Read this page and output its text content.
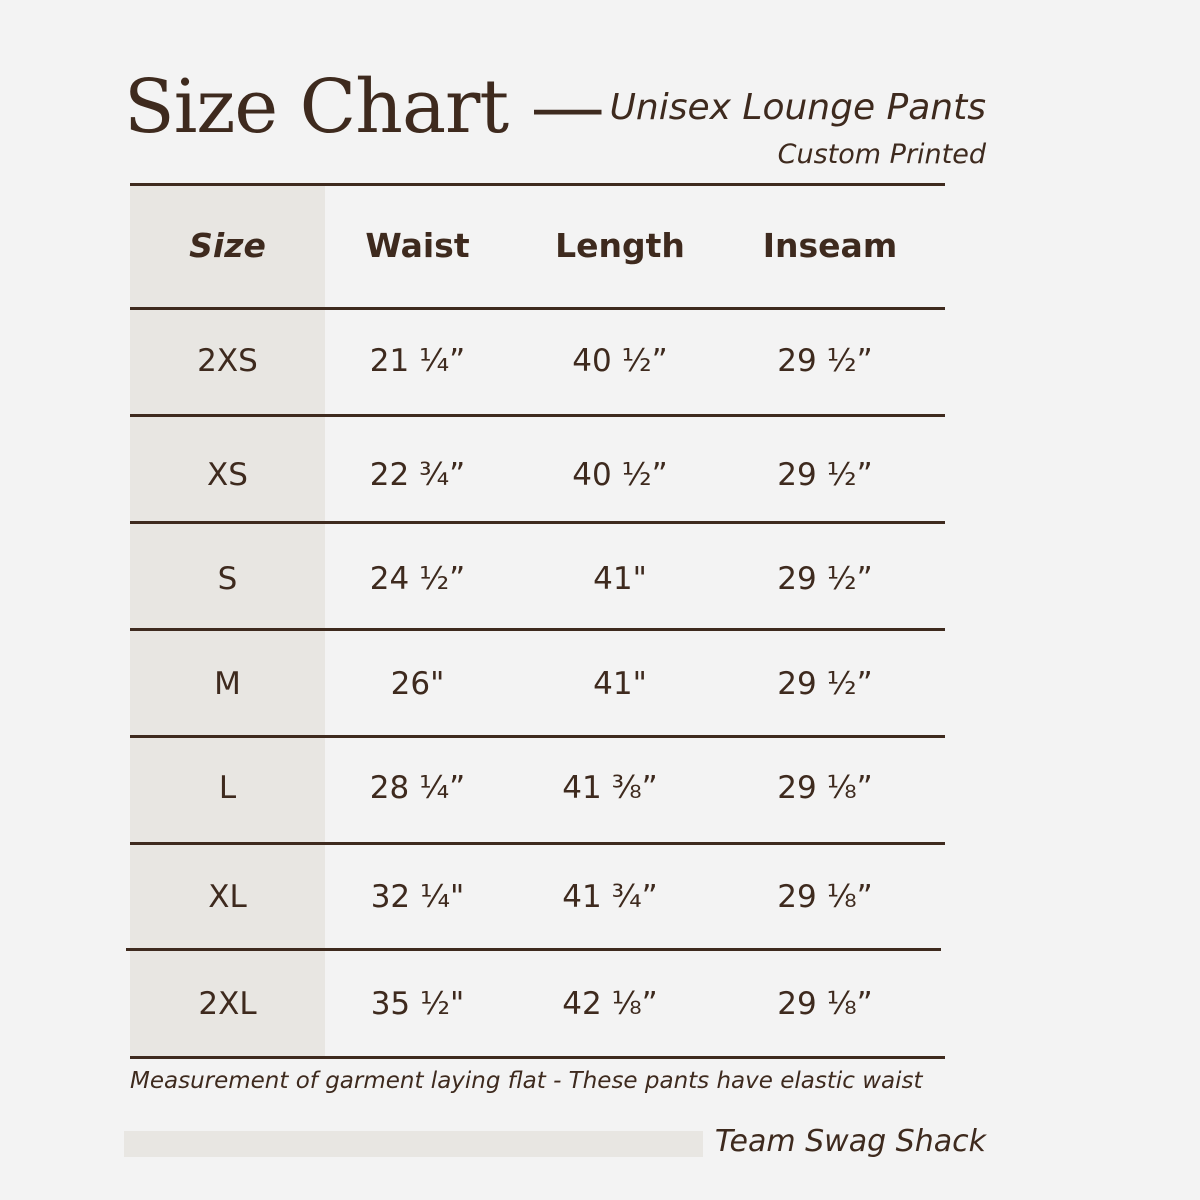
Size Chart — Unisex Lounge Pants
Custom Printed
Size	Waist	Length	Inseam
2XS	21 ¼”	40 ½”	29 ½”
XS	22 ¾”	40 ½”	29 ½”
S	24 ½”	41"	29 ½”
M	26"	41"	29 ½”
L	28 ¼”	41 ⅜”	29 ⅛”
XL	32 ¼"	41 ¾”	29 ⅛”
2XL	35 ½"	42 ⅛”	29 ⅛”
Measurement of garment laying flat - These pants have elastic waist
Team Swag Shack
